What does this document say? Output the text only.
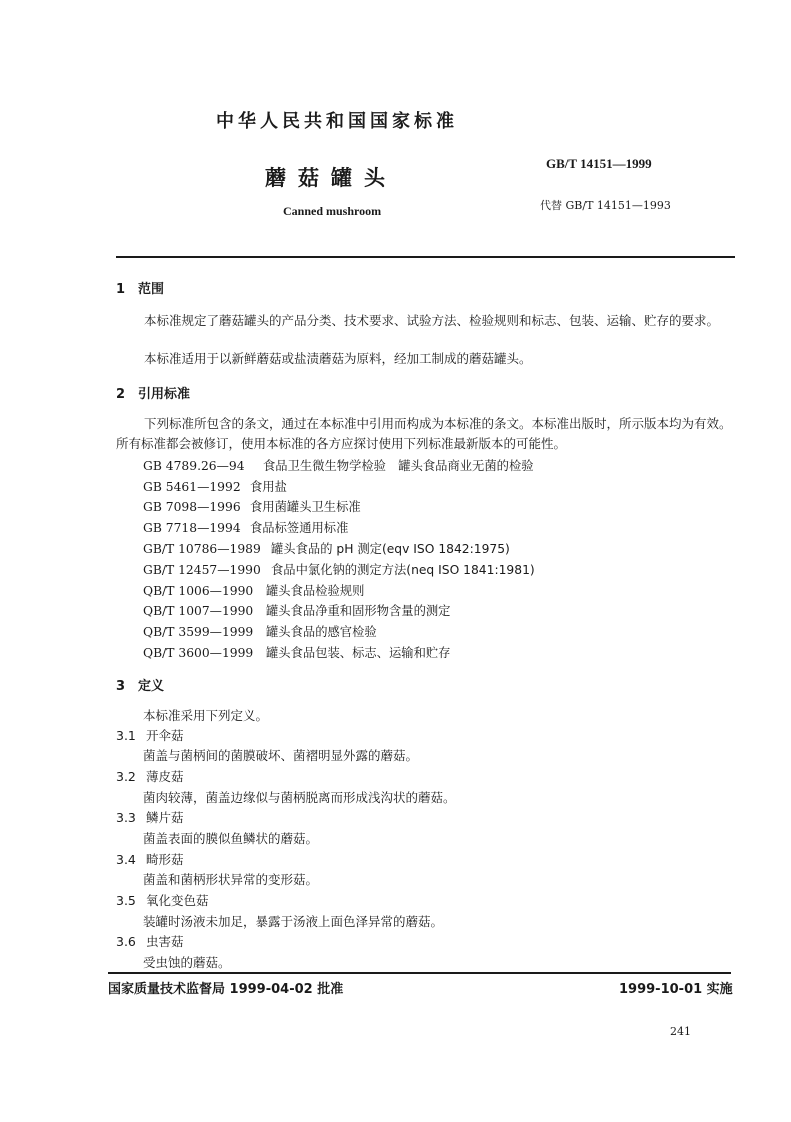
中华人民共和国国家标准
蘑菇罐头
Canned mushroom
GB/T 14151—1999
代替 GB/T 14151—1993
1　范围
本标准规定了蘑菇罐头的产品分类、技术要求、试验方法、检验规则和标志、包装、运输、贮存的要求。
本标准适用于以新鲜蘑菇或盐渍蘑菇为原料，经加工制成的蘑菇罐头。
2　引用标准
下列标准所包含的条文，通过在本标准中引用而构成为本标准的条文。本标准出版时，所示版本均为有效。所有标准都会被修订，使用本标准的各方应探讨使用下列标准最新版本的可能性。
GB 4789.26—94 食品卫生微生物学检验　罐头食品商业无菌的检验
GB 5461—1992 食用盐
GB 7098—1996 食用菌罐头卫生标准
GB 7718—1994 食品标签通用标准
GB/T 10786—1989 罐头食品的 pH 测定(eqv ISO 1842:1975)
GB/T 12457—1990 食品中氯化钠的测定方法(neq ISO 1841:1981)
QB/T 1006—1990 罐头食品检验规则
QB/T 1007—1990 罐头食品净重和固形物含量的测定
QB/T 3599—1999 罐头食品的感官检验
QB/T 3600—1999 罐头食品包装、标志、运输和贮存
3　定义
本标准采用下列定义。
3.1 开伞菇
菌盖与菌柄间的菌膜破坏、菌褶明显外露的蘑菇。
3.2 薄皮菇
菌肉较薄，菌盖边缘似与菌柄脱离而形成浅沟状的蘑菇。
3.3 鳞片菇
菌盖表面的膜似鱼鳞状的蘑菇。
3.4 畸形菇
菌盖和菌柄形状异常的变形菇。
3.5 氧化变色菇
装罐时汤液未加足，暴露于汤液上面色泽异常的蘑菇。
3.6 虫害菇
受虫蚀的蘑菇。
国家质量技术监督局 1999-04-02 批准	1999-10-01 实施
241
